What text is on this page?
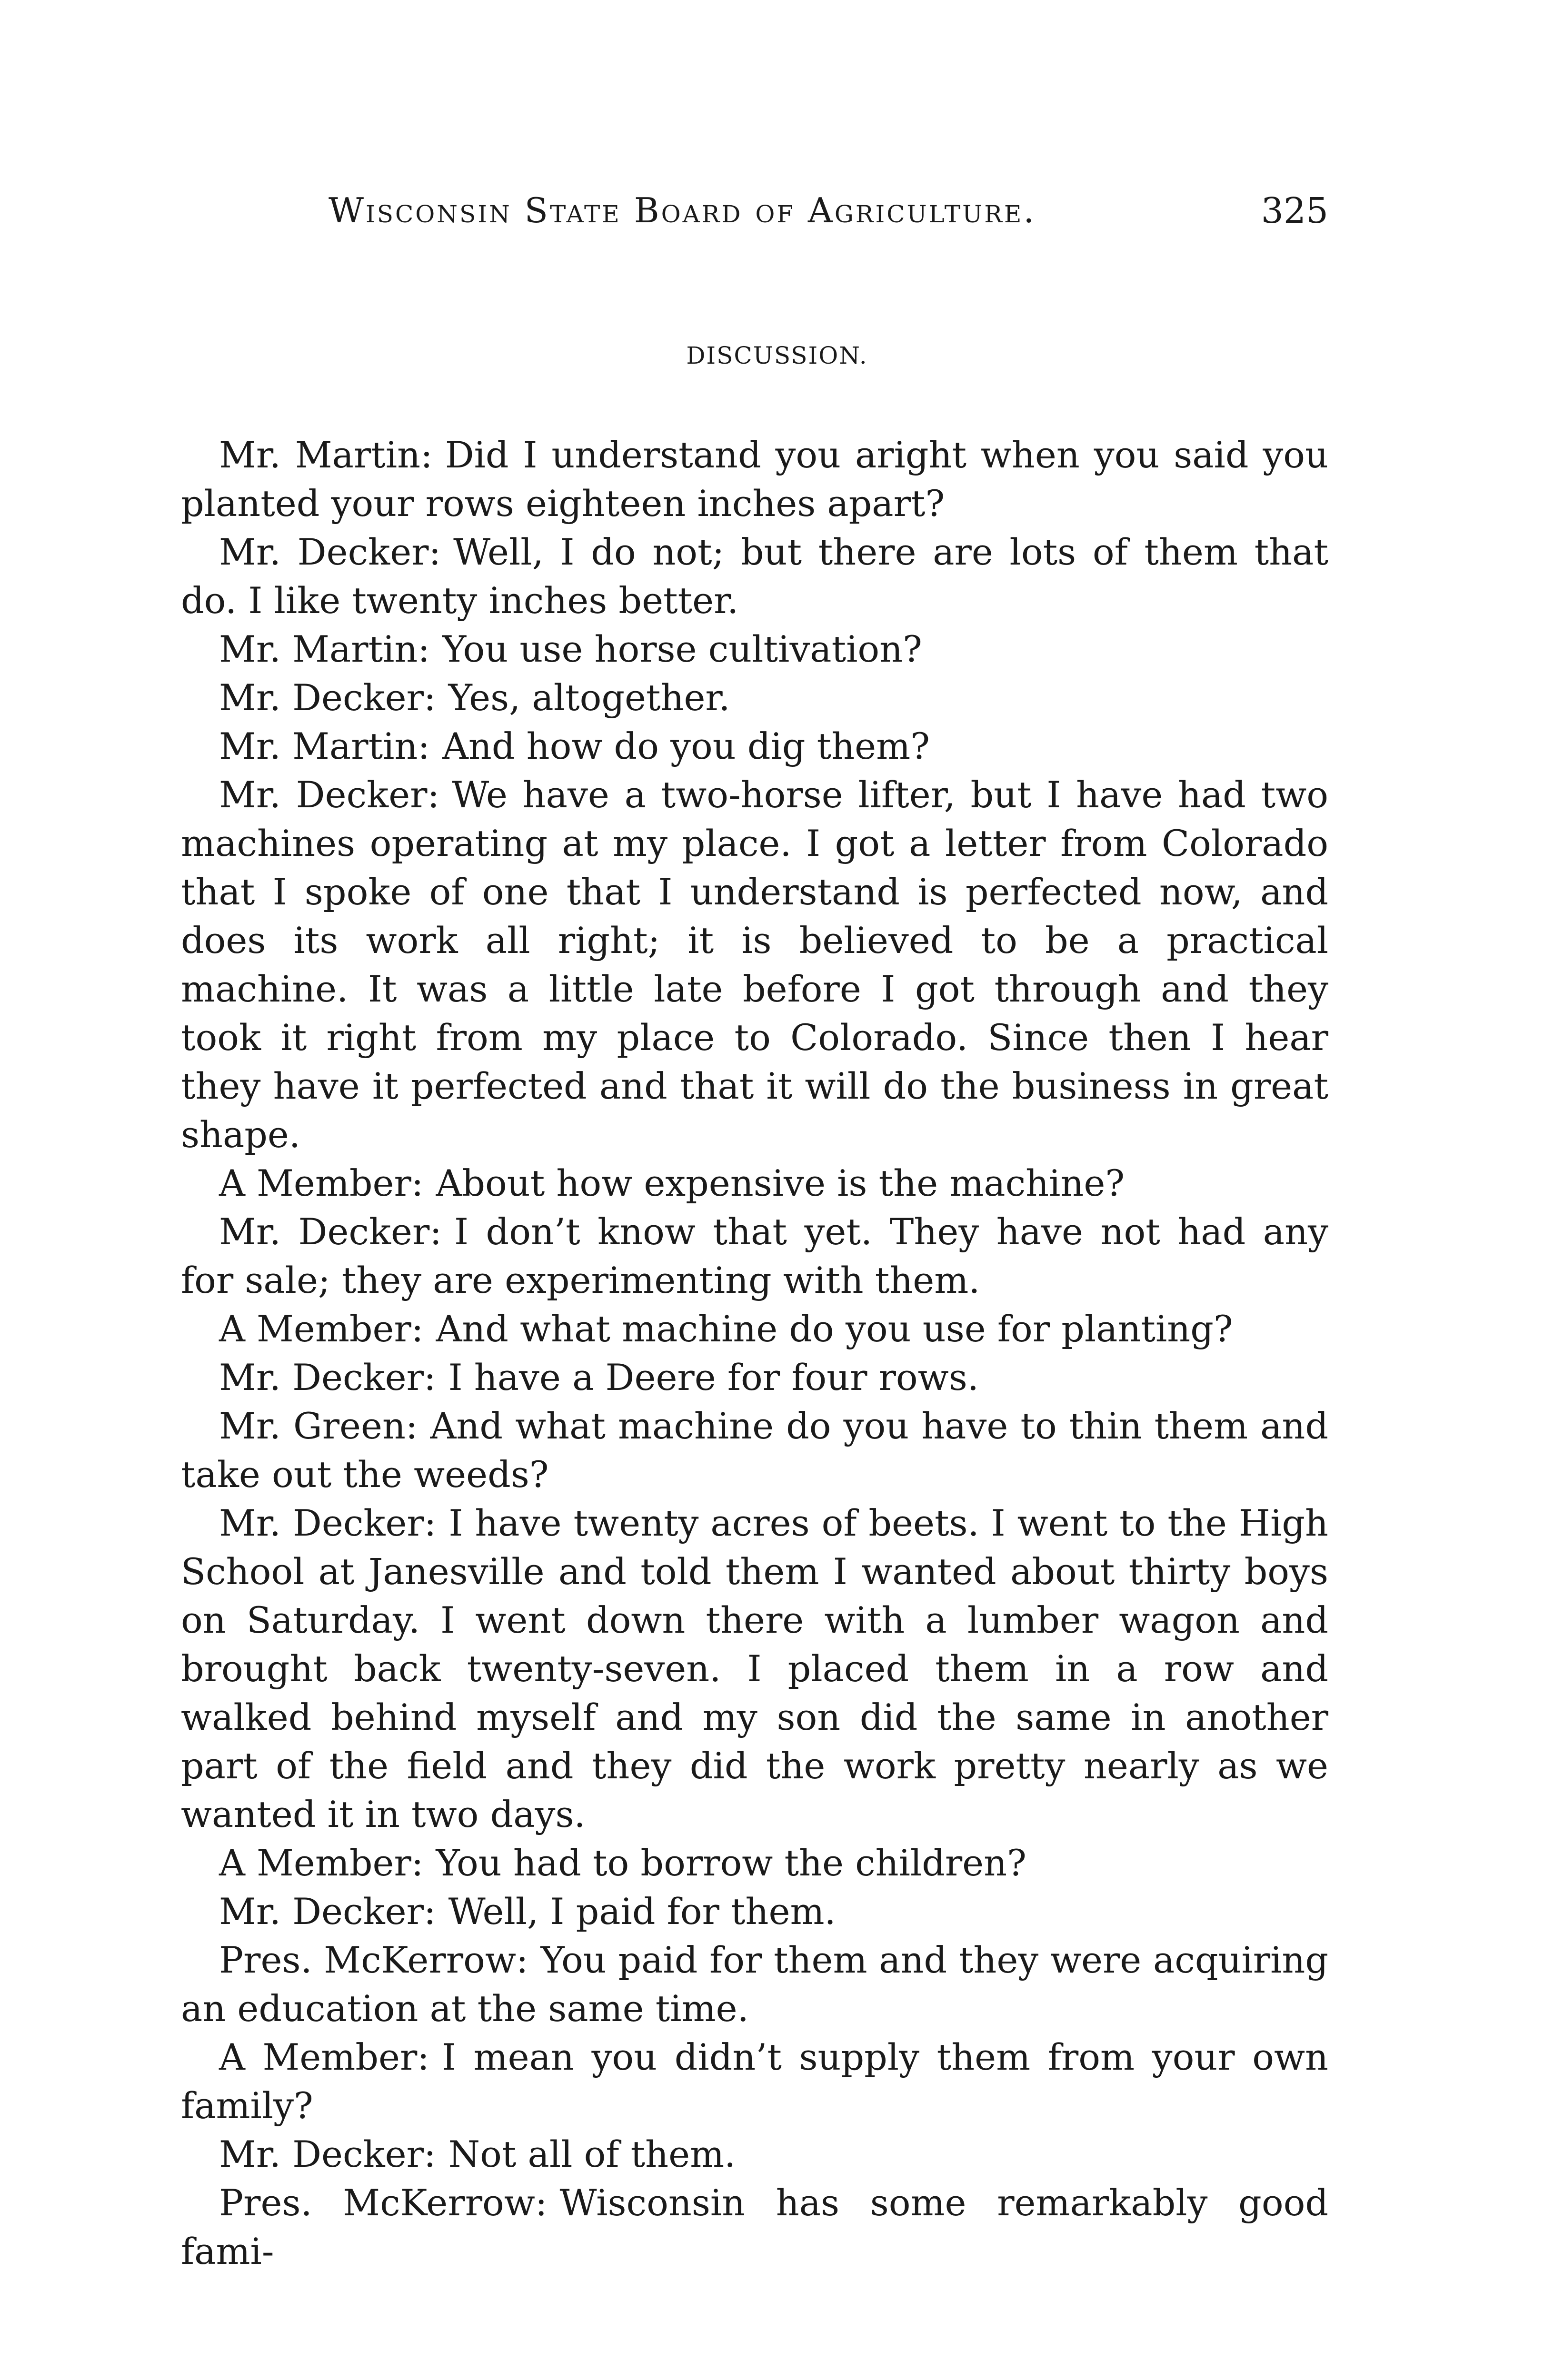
Wisconsin State Board of Agriculture.	325
DISCUSSION.

Mr. Martin: Did I understand you aright when you said you planted your rows eighteen inches apart?

Mr. Decker: Well, I do not; but there are lots of them that do. I like twenty inches better.

Mr. Martin: You use horse cultivation?

Mr. Decker: Yes, altogether.

Mr. Martin: And how do you dig them?

Mr. Decker: We have a two-horse lifter, but I have had two machines operating at my place. I got a letter from Colorado that I spoke of one that I understand is perfected now, and does its work all right; it is believed to be a practical machine. It was a little late before I got through and they took it right from my place to Colorado. Since then I hear they have it perfected and that it will do the business in great shape.

A Member: About how expensive is the machine?

Mr. Decker: I don’t know that yet. They have not had any for sale; they are experimenting with them.

A Member: And what machine do you use for planting?

Mr. Decker: I have a Deere for four rows.

Mr. Green: And what machine do you have to thin them and take out the weeds?

Mr. Decker: I have twenty acres of beets. I went to the High School at Janesville and told them I wanted about thirty boys on Saturday. I went down there with a lumber wagon and brought back twenty-seven. I placed them in a row and walked behind myself and my son did the same in another part of the field and they did the work pretty nearly as we wanted it in two days.

A Member: You had to borrow the children?

Mr. Decker: Well, I paid for them.

Pres. McKerrow: You paid for them and they were acquiring an education at the same time.

A Member: I mean you didn’t supply them from your own family?

Mr. Decker: Not all of them.

Pres. McKerrow: Wisconsin has some remarkably good fami-
